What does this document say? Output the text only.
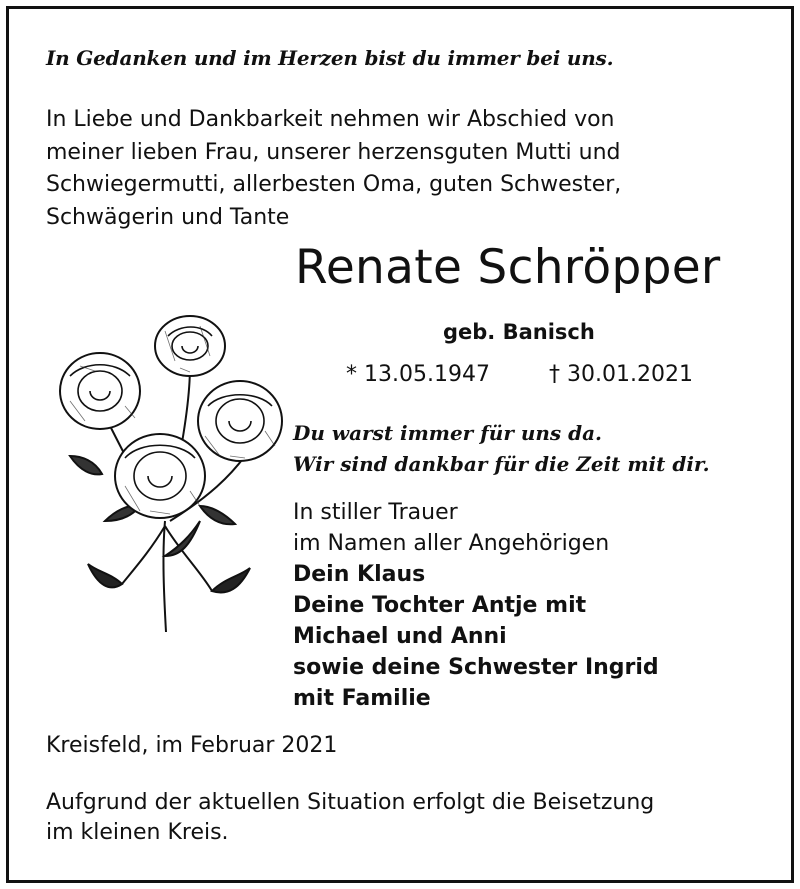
In Gedanken und im Herzen bist du immer bei uns.
In Liebe und Dankbarkeit nehmen wir Abschied von
meiner lieben Frau, unserer herzensguten Mutti und
Schwiegermutti, allerbesten Oma, guten Schwester,
Schwägerin und Tante
Renate Schröpper
geb. Banisch
* 13.05.1947	† 30.01.2021
Du warst immer für uns da.
Wir sind dankbar für die Zeit mit dir.
In stiller Trauer
im Namen aller Angehörigen
Dein Klaus
Deine Tochter Antje mit
Michael und Anni
sowie deine Schwester Ingrid
mit Familie
Kreisfeld, im Februar 2021
Aufgrund der aktuellen Situation erfolgt die Beisetzung
im kleinen Kreis.
